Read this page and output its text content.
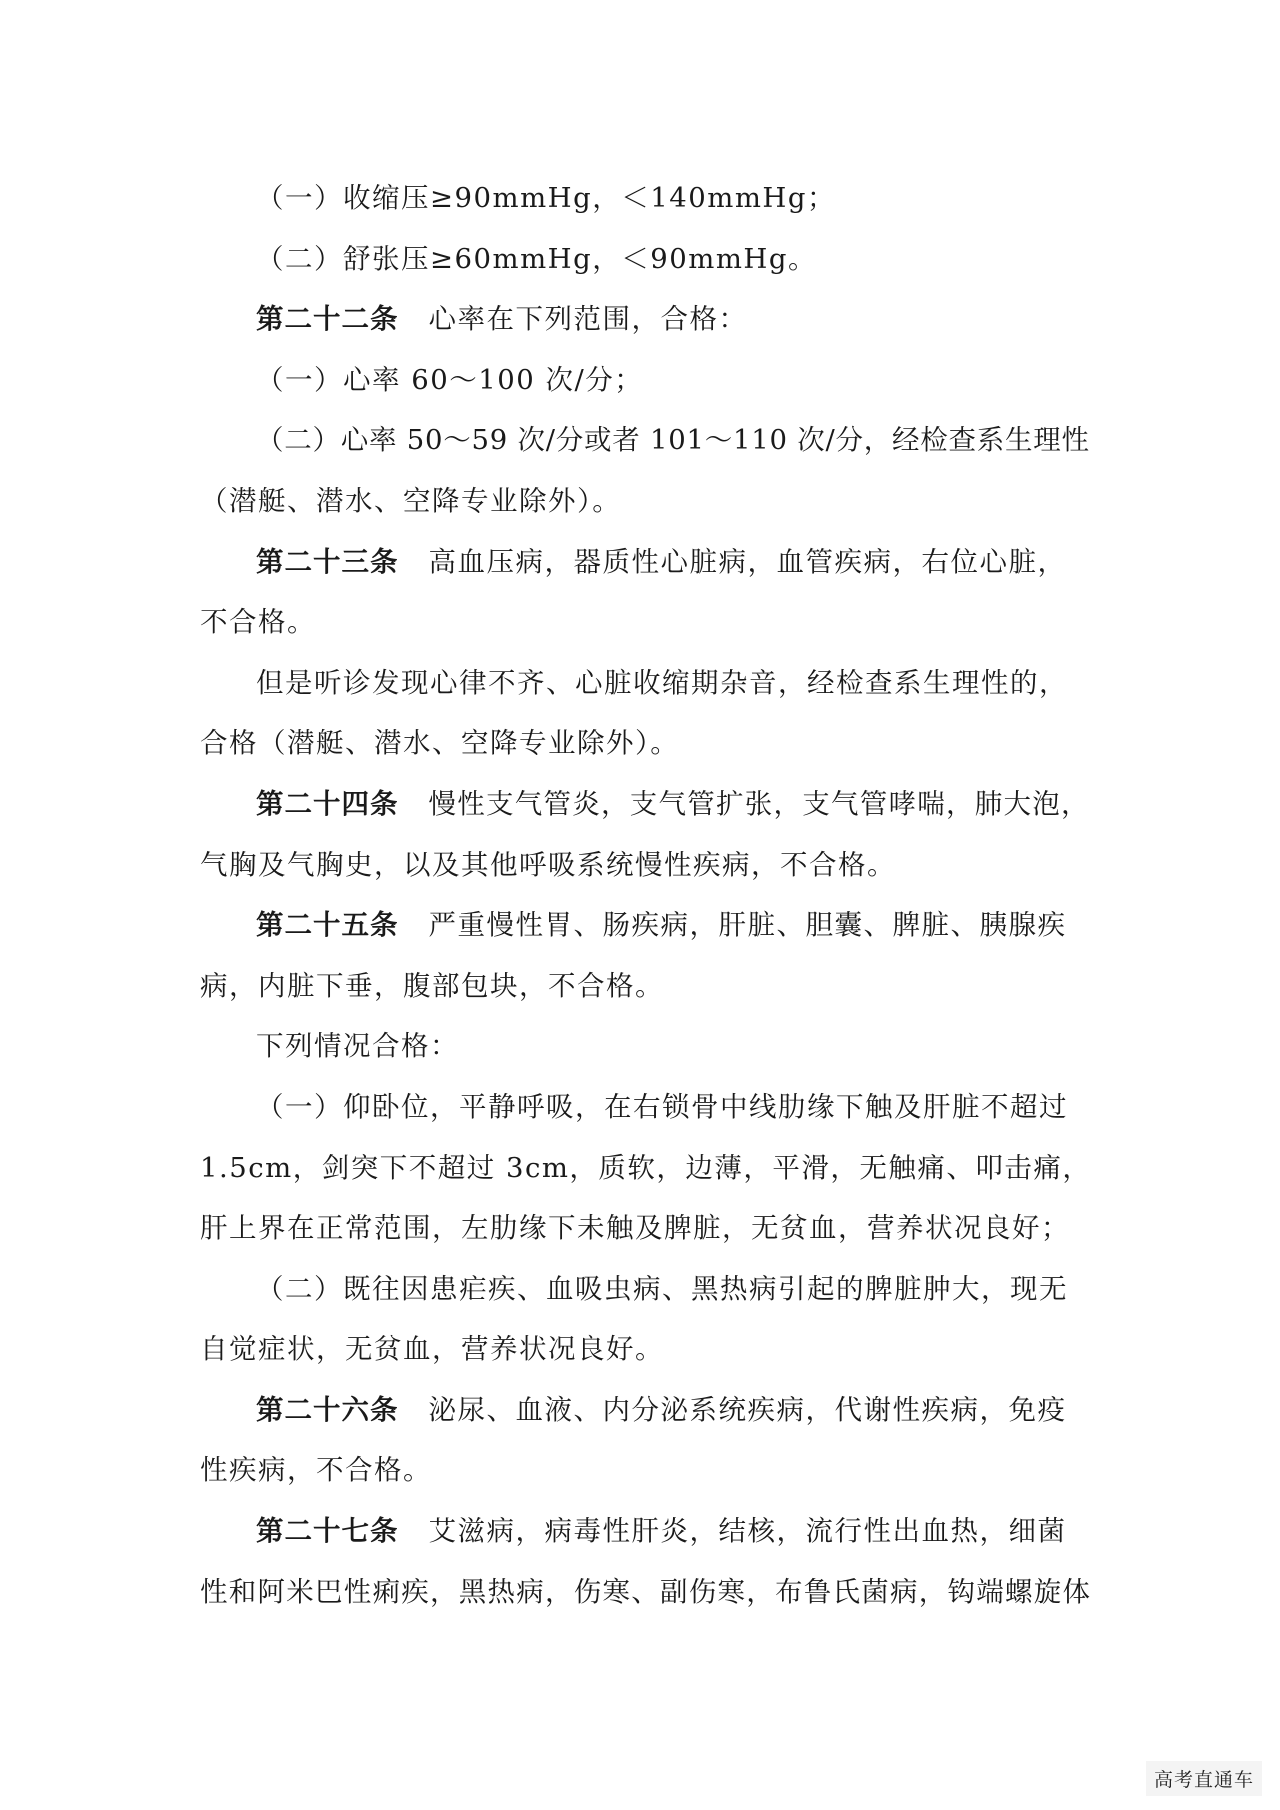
（一）收缩压≥90mmHg，＜140mmHg；
（二）舒张压≥60mmHg，＜90mmHg。
第二十二条 心率在下列范围，合格：
（一）心率 60～100 次/分；
（二）心率 50～59 次/分或者 101～110 次/分，经检查系生理性
（潜艇、潜水、空降专业除外）。
第二十三条 高血压病，器质性心脏病，血管疾病，右位心脏，
不合格。
但是听诊发现心律不齐、心脏收缩期杂音，经检查系生理性的，
合格（潜艇、潜水、空降专业除外）。
第二十四条 慢性支气管炎，支气管扩张，支气管哮喘，肺大泡，
气胸及气胸史，以及其他呼吸系统慢性疾病，不合格。
第二十五条 严重慢性胃、肠疾病，肝脏、胆囊、脾脏、胰腺疾
病，内脏下垂，腹部包块，不合格。
下列情况合格：
（一）仰卧位，平静呼吸，在右锁骨中线肋缘下触及肝脏不超过
1.5cm，剑突下不超过 3cm，质软，边薄，平滑，无触痛、叩击痛，
肝上界在正常范围，左肋缘下未触及脾脏，无贫血，营养状况良好；
（二）既往因患疟疾、血吸虫病、黑热病引起的脾脏肿大，现无
自觉症状，无贫血，营养状况良好。
第二十六条 泌尿、血液、内分泌系统疾病，代谢性疾病，免疫
性疾病，不合格。
第二十七条 艾滋病，病毒性肝炎，结核，流行性出血热，细菌
性和阿米巴性痢疾，黑热病，伤寒、副伤寒，布鲁氏菌病，钩端螺旋体
高考直通车
